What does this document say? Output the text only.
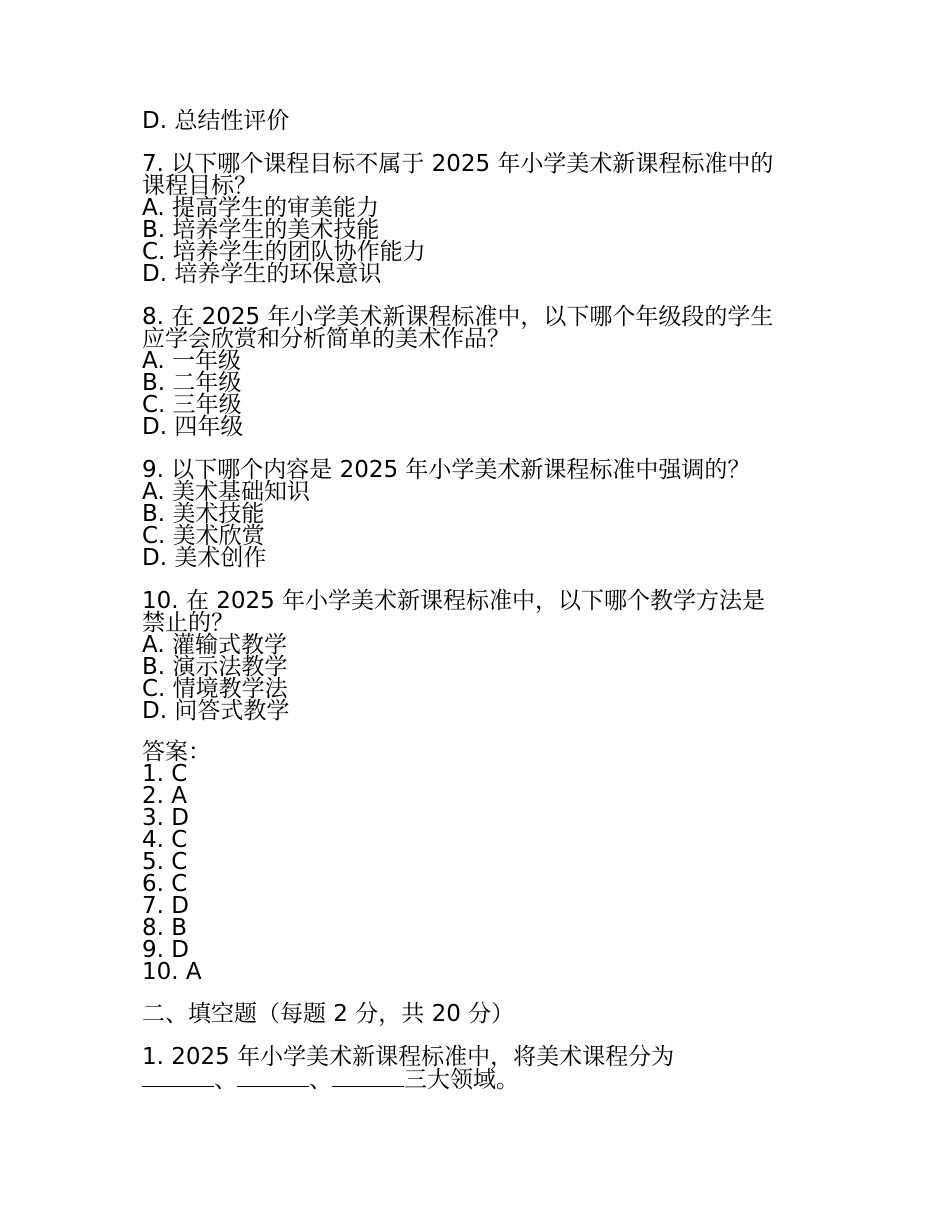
D. 总结性评价
7. 以下哪个课程目标不属于 2025 年小学美术新课程标准中的
课程目标？
A. 提高学生的审美能力
B. 培养学生的美术技能
C. 培养学生的团队协作能力
D. 培养学生的环保意识
8. 在 2025 年小学美术新课程标准中，以下哪个年级段的学生
应学会欣赏和分析简单的美术作品？
A. 一年级
B. 二年级
C. 三年级
D. 四年级
9. 以下哪个内容是 2025 年小学美术新课程标准中强调的？
A. 美术基础知识
B. 美术技能
C. 美术欣赏
D. 美术创作
10. 在 2025 年小学美术新课程标准中，以下哪个教学方法是
禁止的？
A. 灌输式教学
B. 演示法教学
C. 情境教学法
D. 问答式教学
答案：
1. C
2. A
3. D
4. C
5. C
6. C
7. D
8. B
9. D
10. A
二、填空题（每题 2 分，共 20 分）
1. 2025 年小学美术新课程标准中，将美术课程分为
、	、	三大领域。
